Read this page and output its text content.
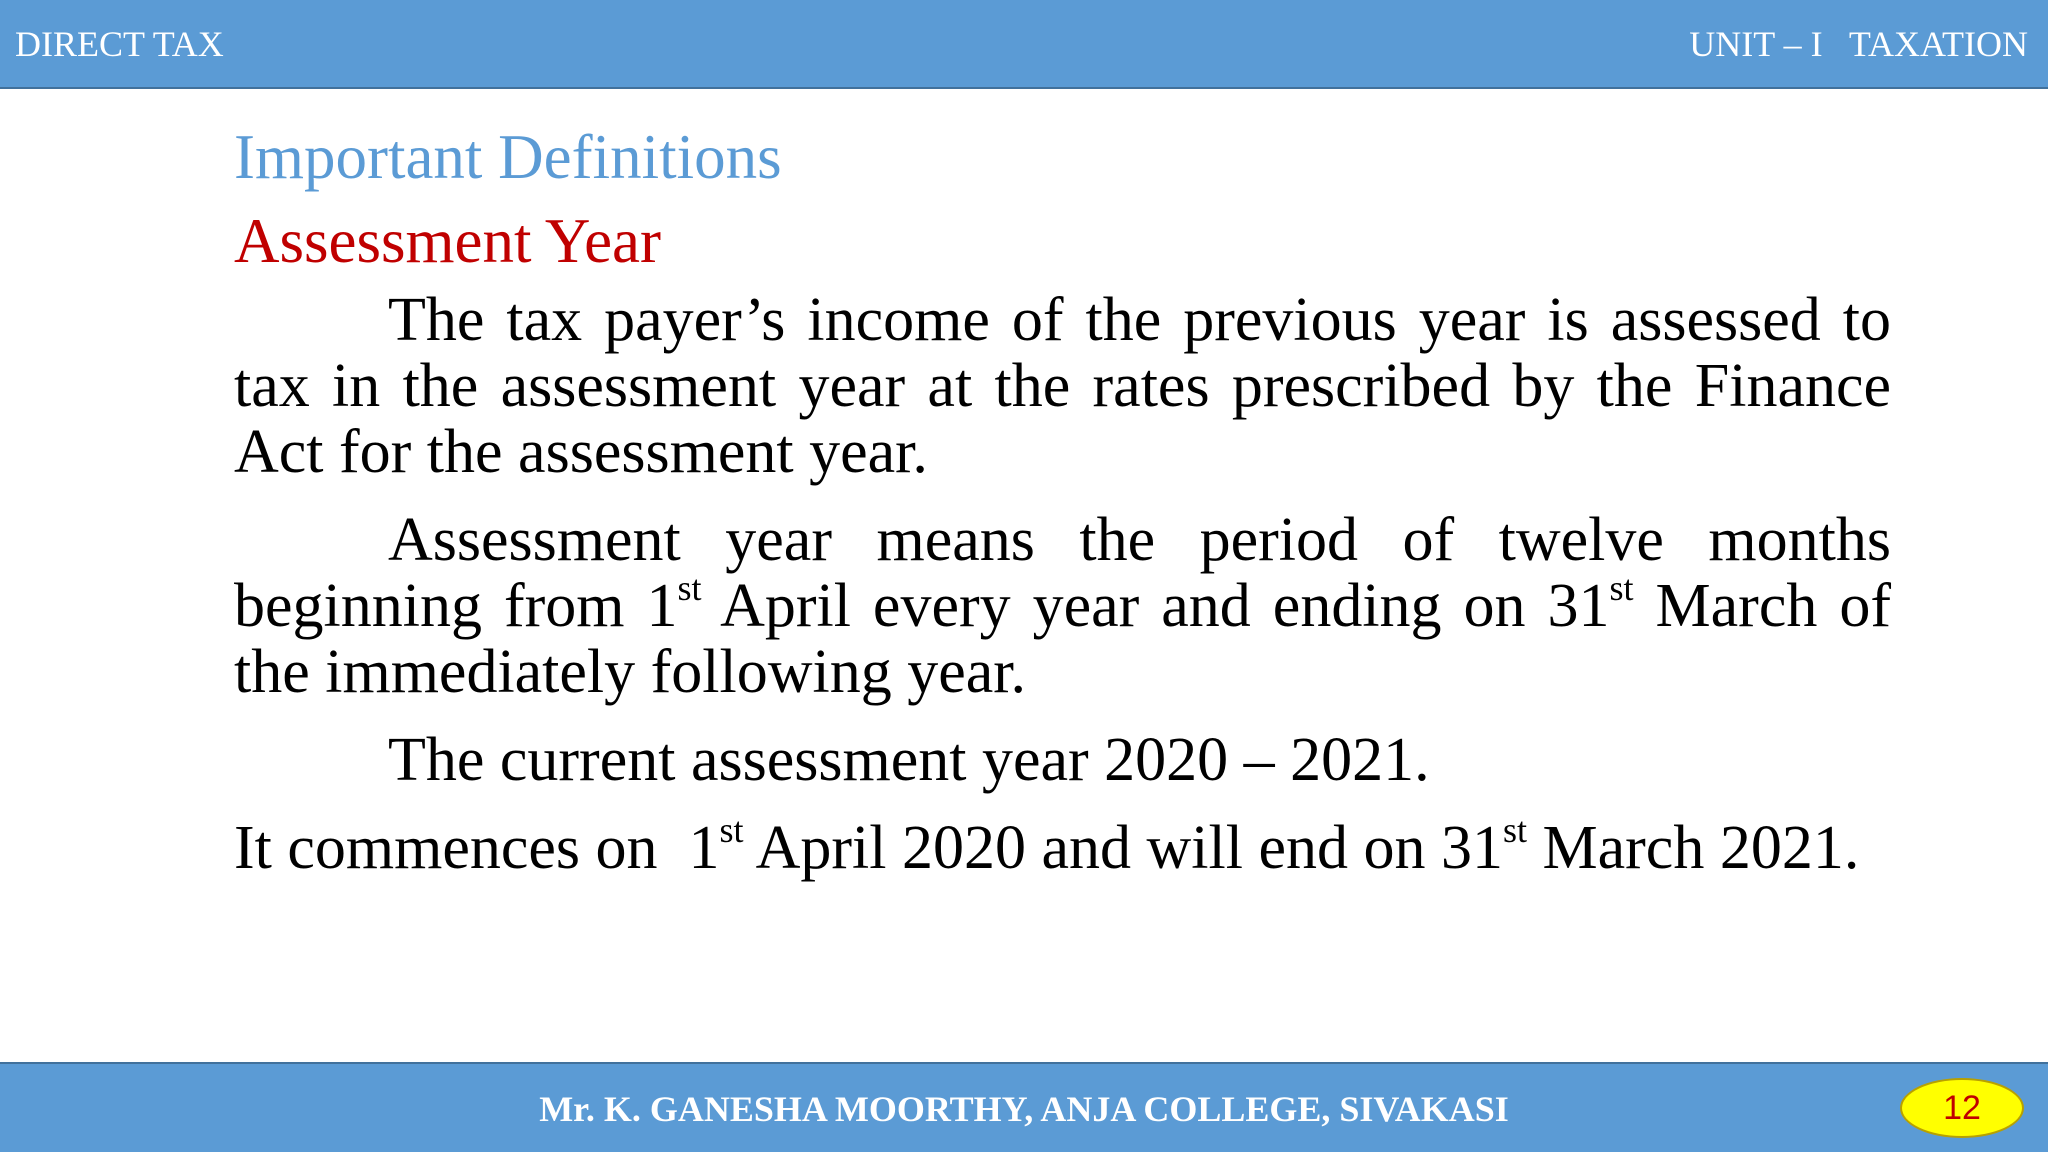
DIRECT TAX	UNIT – I   TAXATION

Important Definitions

Assessment Year

The tax payer’s income of the previous year is assessed to tax in the assessment year at the rates prescribed by the Finance Act for the assessment year.

Assessment year means the period of twelve months beginning from 1st April every year and ending on 31st March of the immediately following year.

The current assessment year 2020 – 2021.

It commences on  1st April 2020 and will end on 31st March 2021.

Mr. K. GANESHA MOORTHY, ANJA COLLEGE, SIVAKASI	12
